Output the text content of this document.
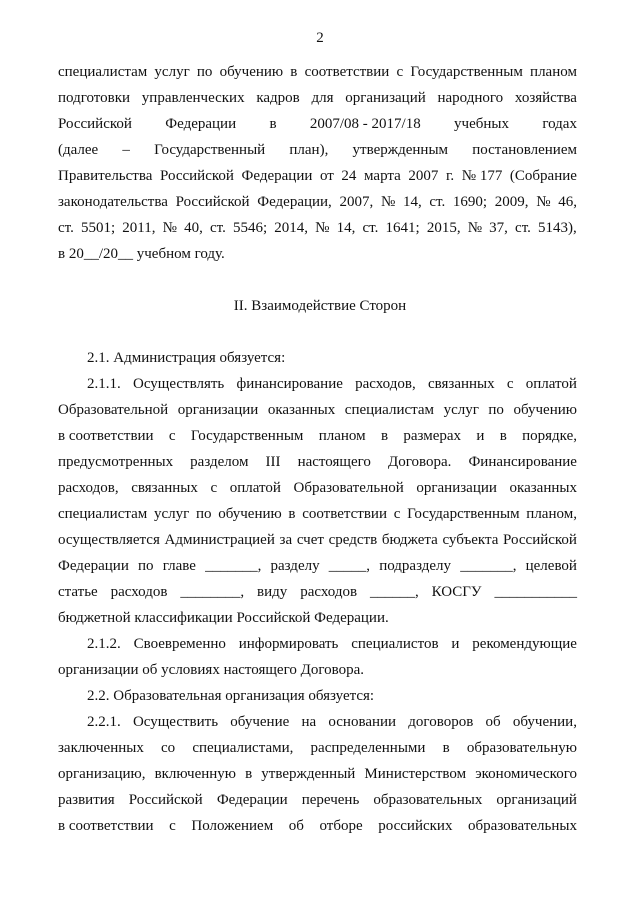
2
специалистам услуг по обучению в соответствии с Государственным планом
подготовки управленческих кадров для организаций народного хозяйства
Российской Федерации в 2007/08 - 2017/18 учебных годах
(далее – Государственный план), утвержденным постановлением
Правительства Российской Федерации от 24 марта 2007 г. № 177 (Собрание
законодательства Российской Федерации, 2007, № 14, ст. 1690; 2009, № 46,
ст. 5501; 2011, № 40, ст. 5546; 2014, № 14, ст. 1641; 2015, № 37, ст. 5143),
в 20__/20__ учебном году.
II. Взаимодействие Сторон
2.1. Администрация обязуется:
2.1.1. Осуществлять финансирование расходов, связанных с оплатой
Образовательной организации оказанных специалистам услуг по обучению
в соответствии с Государственным планом в размерах и в порядке,
предусмотренных разделом III настоящего Договора. Финансирование
расходов, связанных с оплатой Образовательной организации оказанных
специалистам услуг по обучению в соответствии с Государственным планом,
осуществляется Администрацией за счет средств бюджета субъекта Российской
Федерации по главе _______, разделу _____, подразделу _______, целевой
статье расходов ________, виду расходов ______, КОСГУ ___________
бюджетной классификации Российской Федерации.
2.1.2. Своевременно информировать специалистов и рекомендующие
организации об условиях настоящего Договора.
2.2. Образовательная организация обязуется:
2.2.1. Осуществить обучение на основании договоров об обучении,
заключенных со специалистами, распределенными в образовательную
организацию, включенную в утвержденный Министерством экономического
развития Российской Федерации перечень образовательных организаций
в соответствии с Положением об отборе российских образовательных
